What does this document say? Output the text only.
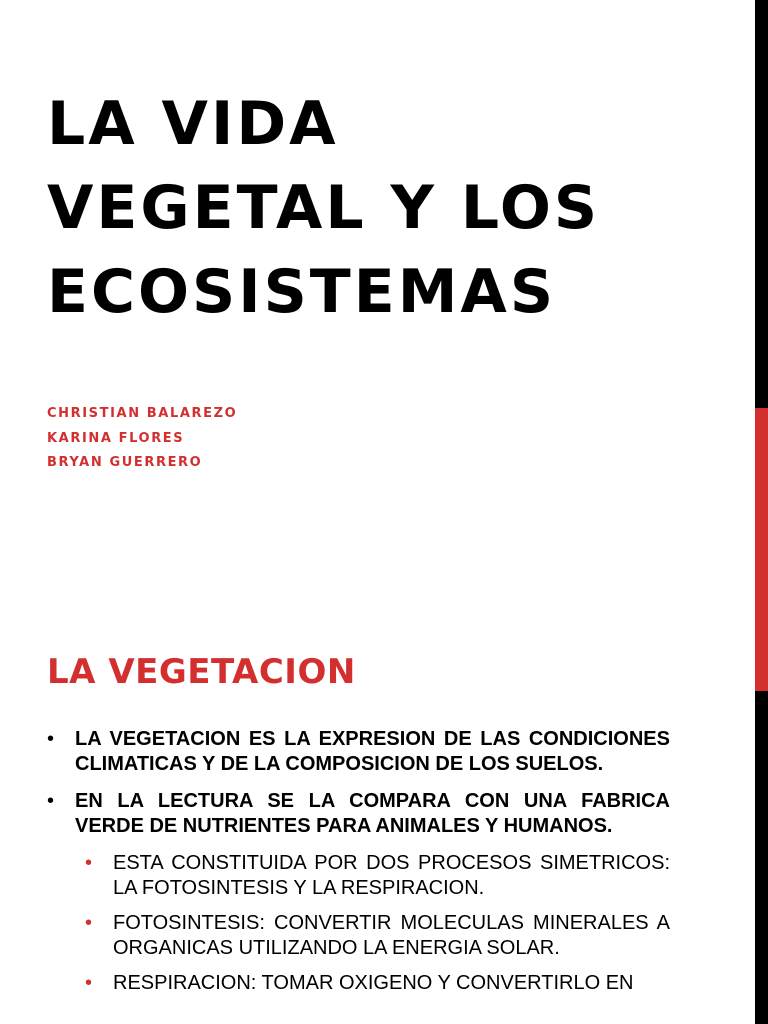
LA VIDA
VEGETAL Y LOS
ECOSISTEMAS
CHRISTIAN BALAREZO
KARINA FLORES
BRYAN GUERRERO
LA VEGETACION
• LA VEGETACION ES LA EXPRESION DE LAS CONDICIONES CLIMATICAS Y DE LA COMPOSICION DE LOS SUELOS.
• EN LA LECTURA SE LA COMPARA CON UNA FABRICA VERDE DE NUTRIENTES PARA ANIMALES Y HUMANOS.
• ESTA CONSTITUIDA POR DOS PROCESOS SIMETRICOS: LA FOTOSINTESIS Y LA RESPIRACION.
• FOTOSINTESIS: CONVERTIR MOLECULAS MINERALES A ORGANICAS UTILIZANDO LA ENERGIA SOLAR.
• RESPIRACION: TOMAR OXIGENO Y CONVERTIRLO EN
